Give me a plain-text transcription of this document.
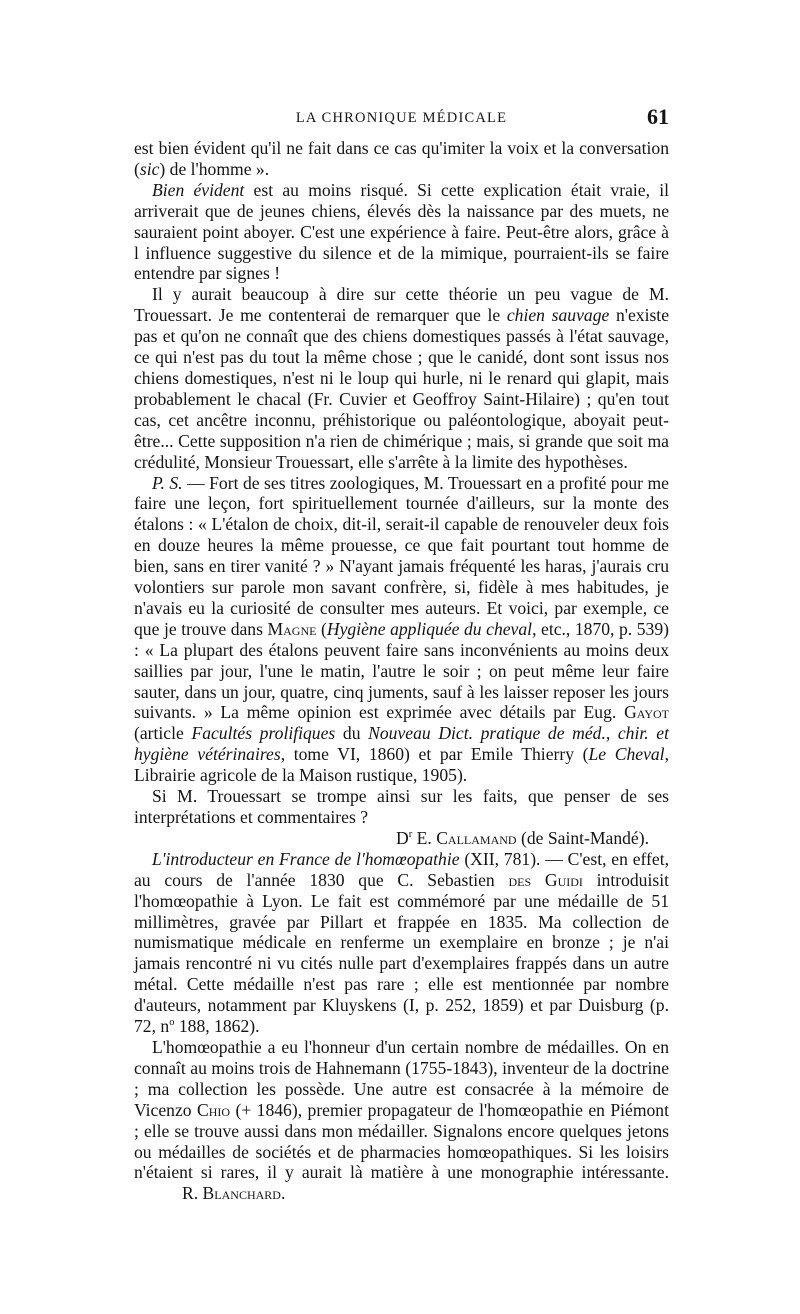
LA CHRONIQUE MÉDICALE	61

est bien évident qu'il ne fait dans ce cas qu'imiter la voix et la conversation (sic) de l'homme ».

Bien évident est au moins risqué. Si cette explication était vraie, il arriverait que de jeunes chiens, élevés dès la naissance par des muets, ne sauraient point aboyer. C'est une expérience à faire. Peut-être alors, grâce à l influence suggestive du silence et de la mimique, pourraient-ils se faire entendre par signes !

Il y aurait beaucoup à dire sur cette théorie un peu vague de M. Trouessart. Je me contenterai de remarquer que le chien sauvage n'existe pas et qu'on ne connaît que des chiens domestiques passés à l'état sauvage, ce qui n'est pas du tout la même chose ; que le canidé, dont sont issus nos chiens domestiques, n'est ni le loup qui hurle, ni le renard qui glapit, mais probablement le chacal (Fr. Cuvier et Geoffroy Saint-Hilaire) ; qu'en tout cas, cet ancêtre inconnu, préhistorique ou paléontologique, aboyait peut-être... Cette supposition n'a rien de chimérique ; mais, si grande que soit ma crédulité, Monsieur Trouessart, elle s'arrête à la limite des hypothèses.

P. S. — Fort de ses titres zoologiques, M. Trouessart en a profité pour me faire une leçon, fort spirituellement tournée d'ailleurs, sur la monte des étalons : « L'étalon de choix, dit-il, serait-il capable de renouveler deux fois en douze heures la même prouesse, ce que fait pourtant tout homme de bien, sans en tirer vanité ? » N'ayant jamais fréquenté les haras, j'aurais cru volontiers sur parole mon savant confrère, si, fidèle à mes habitudes, je n'avais eu la curiosité de consulter mes auteurs. Et voici, par exemple, ce que je trouve dans Magne (Hygiène appliquée du cheval, etc., 1870, p. 539) : « La plupart des étalons peuvent faire sans inconvénients au moins deux saillies par jour, l'une le matin, l'autre le soir ; on peut même leur faire sauter, dans un jour, quatre, cinq juments, sauf à les laisser reposer les jours suivants. » La même opinion est exprimée avec détails par Eug. Gayot (article Facultés prolifiques du Nouveau Dict. pratique de méd., chir. et hygiène vétérinaires, tome VI, 1860) et par Emile Thierry (Le Cheval, Librairie agricole de la Maison rustique, 1905).

Si M. Trouessart se trompe ainsi sur les faits, que penser de ses interprétations et commentaires ?

$D^r$ E. Callamand (de Saint-Mandé).

L'introducteur en France de l'homœopathie (XII, 781). — C'est, en effet, au cours de l'année 1830 que C. Sebastien des Guidi introduisit l'homœopathie à Lyon. Le fait est commémoré par une médaille de 51 millimètres, gravée par Pillart et frappée en 1835. Ma collection de numismatique médicale en renferme un exemplaire en bronze ; je n'ai jamais rencontré ni vu cités nulle part d'exemplaires frappés dans un autre métal. Cette médaille n'est pas rare ; elle est mentionnée par nombre d'auteurs, notamment par Kluyskens (I, p. 252, 1859) et par Duisburg (p. 72, $n^o$ 188, 1862).

L'homœopathie a eu l'honneur d'un certain nombre de médailles. On en connaît au moins trois de Hahnemann (1755-1843), inventeur de la doctrine ; ma collection les possède. Une autre est consacrée à la mémoire de Vicenzo Chio (+ 1846), premier propagateur de l'homœopathie en Piémont ; elle se trouve aussi dans mon médailler. Signalons encore quelques jetons ou médailles de sociétés et de pharmacies homœopathiques. Si les loisirs n'étaient si rares, il y aurait là matière à une monographie intéressante.R. Blanchard.
